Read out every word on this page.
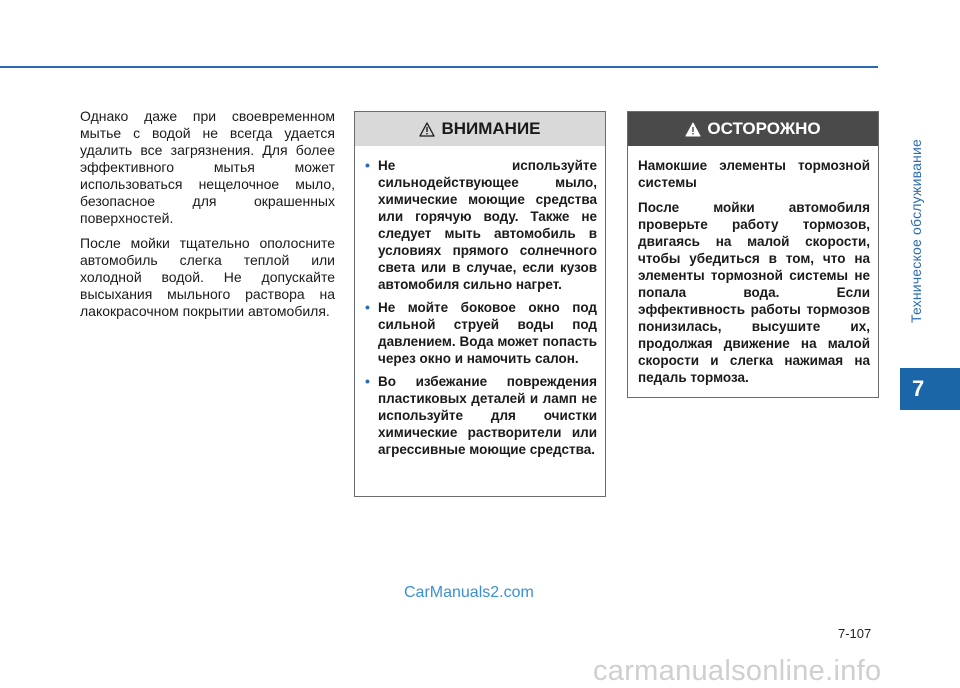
Техническое обслуживание
7

Однако даже при своевременном мытье с водой не всегда удается удалить все загрязнения. Для более эффективного мытья может использоваться нещелочное мыло, безопасное для окрашенных поверхностей.

После мойки тщательно ополосните автомобиль слегка теплой или холодной водой. Не допускайте высыхания мыльного раствора на лакокрасочном покрытии автомобиля.

ВНИМАНИЕ
• Не используйте сильнодействующее мыло, химические моющие средства или горячую воду. Также не следует мыть автомобиль в условиях прямого солнечного света или в случае, если кузов автомобиля сильно нагрет.
• Не мойте боковое окно под сильной струей воды под давлением. Вода может попасть через окно и намочить салон.
• Во избежание повреждения пластиковых деталей и ламп не используйте для очистки химические растворители или агрессивные моющие средства.
ОСТОРОЖНО

Намокшие элементы тормозной системы

После мойки автомобиля проверьте работу тормозов, двигаясь на малой скорости, чтобы убедиться в том, что на элементы тормозной системы не попала вода. Если эффективность работы тормозов понизилась, высушите их, продолжая движение на малой скорости и слегка нажимая на педаль тормоза.

CarManuals2.com
7-107
carmanualsonline.info
